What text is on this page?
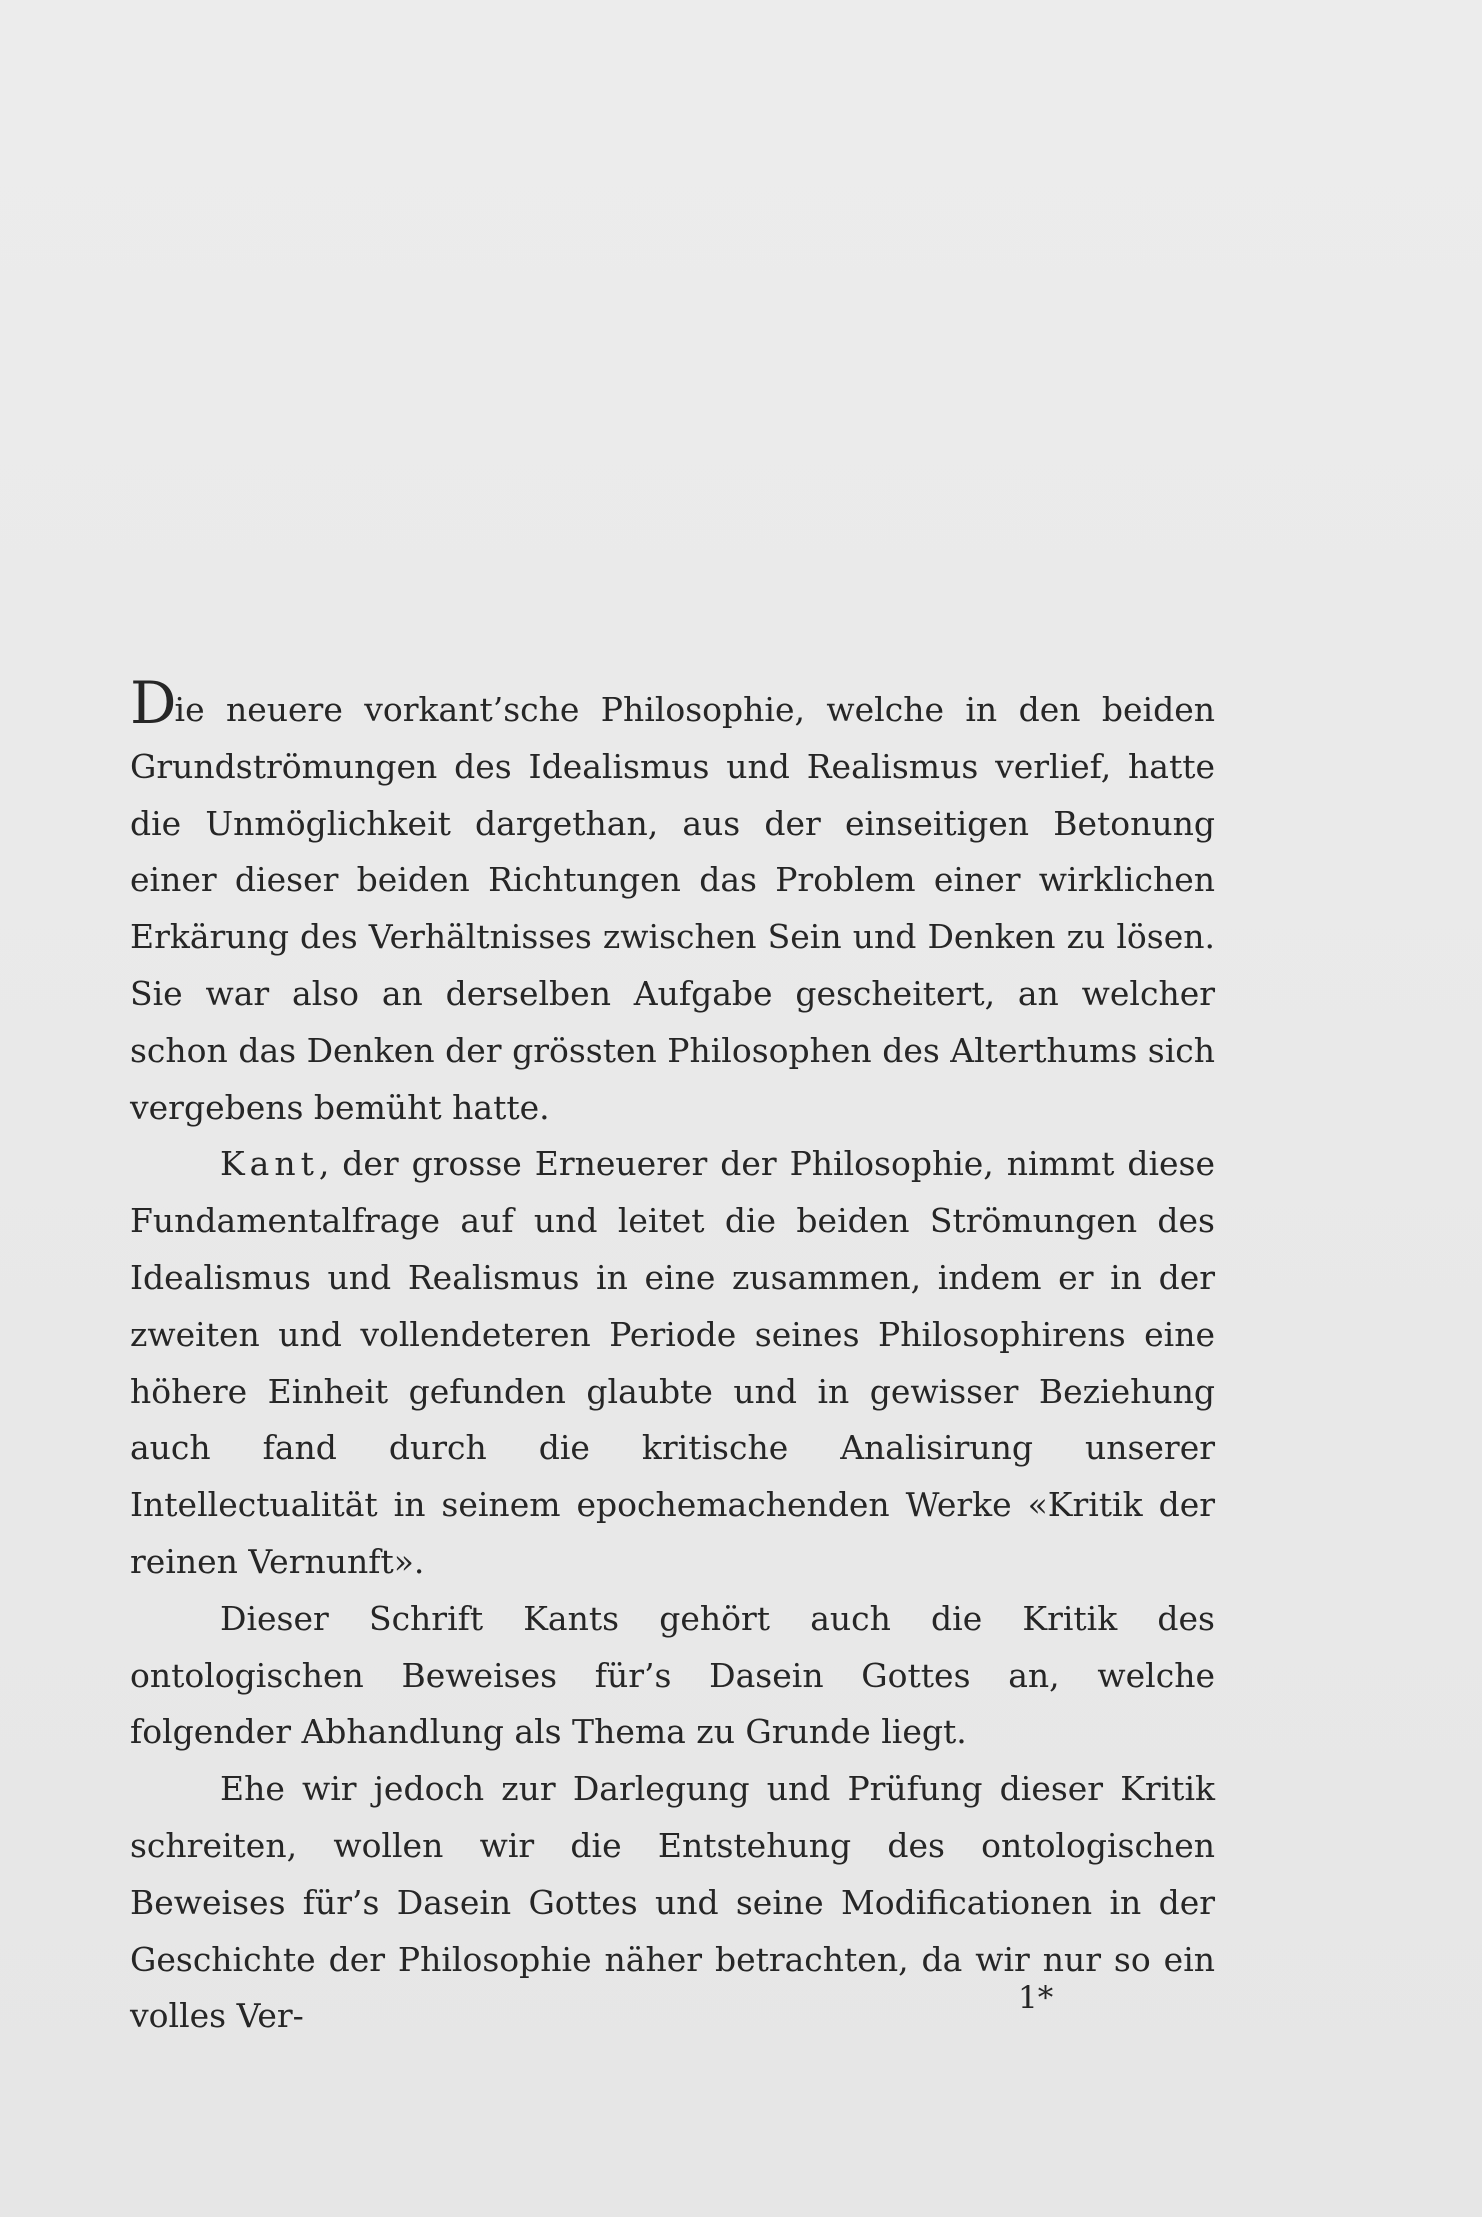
Die neuere vorkant’sche Philosophie, welche in den beiden Grundströmungen des Idealismus und Realismus verlief, hatte die Unmöglichkeit dargethan, aus der einseitigen Betonung einer dieser beiden Richtungen das Problem einer wirklichen Erkärung des Verhältnisses zwischen Sein und Denken zu lösen. Sie war also an derselben Aufgabe gescheitert, an welcher schon das Denken der grössten Philosophen des Alterthums sich vergebens bemüht hatte.

Kant, der grosse Erneuerer der Philosophie, nimmt diese Fundamentalfrage auf und leitet die beiden Strömungen des Idealismus und Realismus in eine zusammen, indem er in der zweiten und vollendeteren Periode seines Philosophirens eine höhere Einheit gefunden glaubte und in gewisser Beziehung auch fand durch die kritische Analisirung unserer Intellectualität in seinem epochemachenden Werke «Kritik der reinen Vernunft».

Dieser Schrift Kants gehört auch die Kritik des ontologischen Beweises für’s Dasein Gottes an, welche folgender Abhandlung als Thema zu Grunde liegt.

Ehe wir jedoch zur Darlegung und Prüfung dieser Kritik schreiten, wollen wir die Entstehung des ontologischen Beweises für’s Dasein Gottes und seine Modificationen in der Geschichte der Philosophie näher betrachten, da wir nur so ein volles Ver-	1*
